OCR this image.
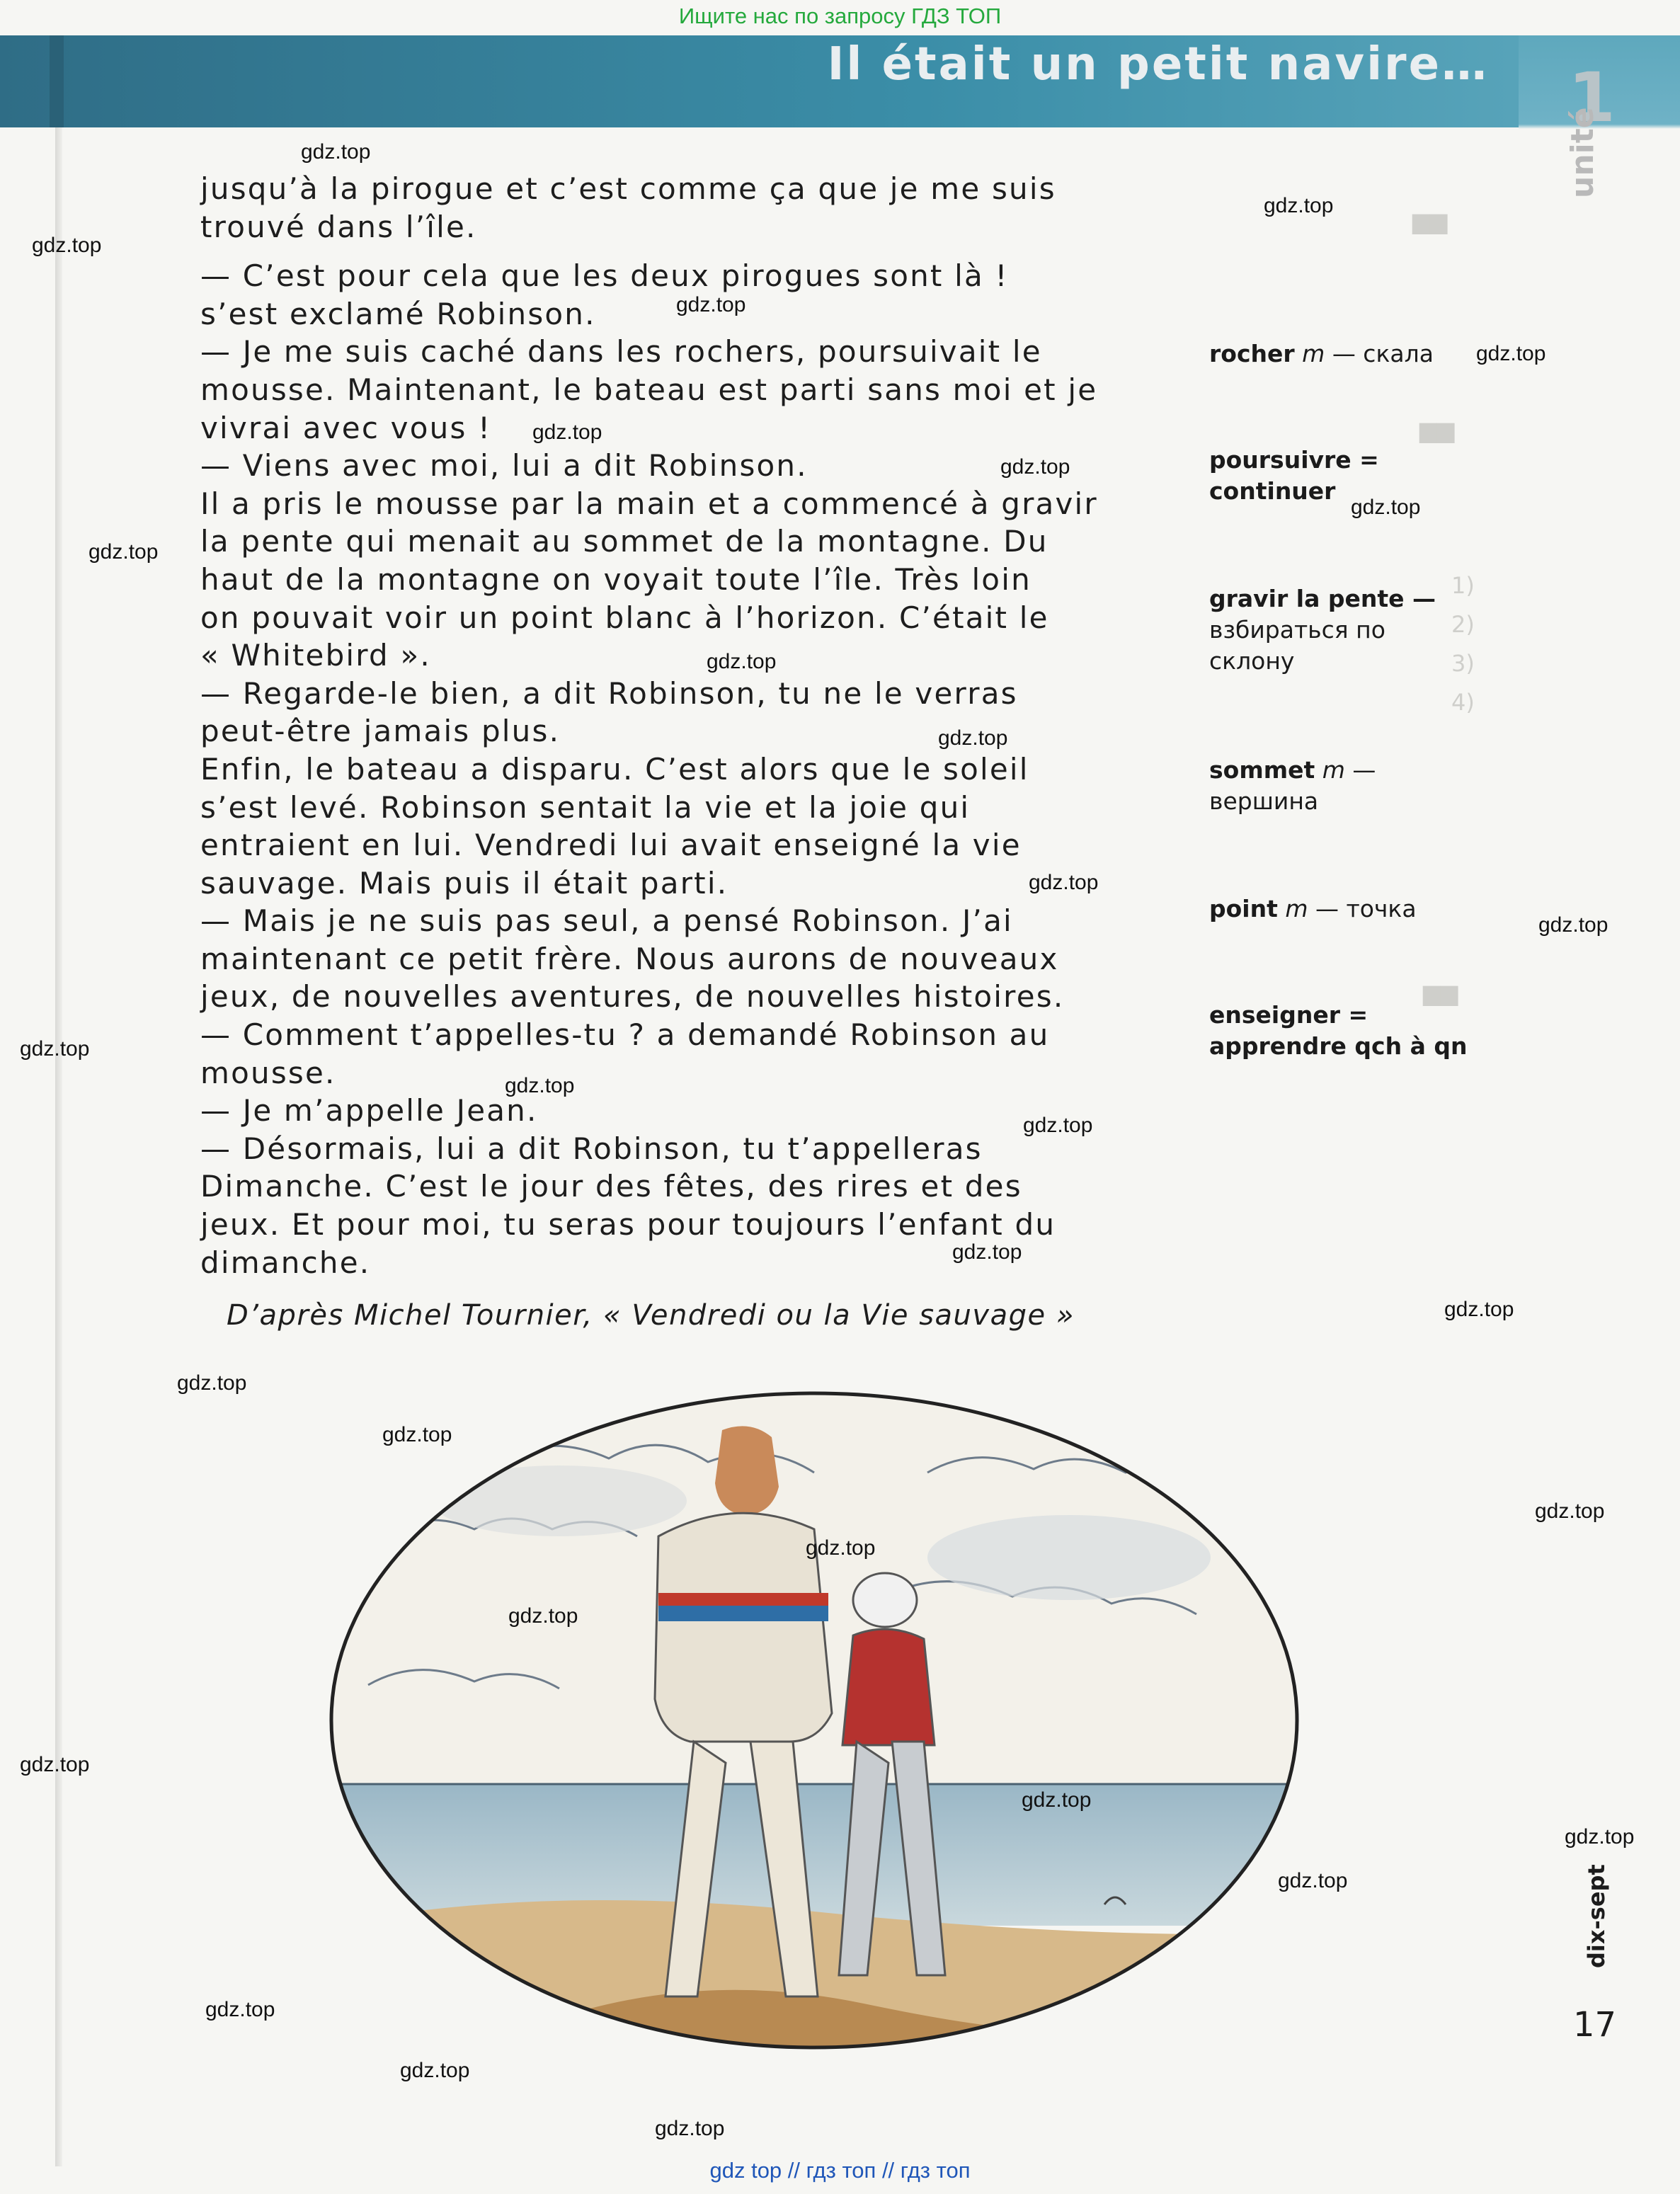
Ищите нас по запросу ГДЗ ТОП
Il était un petit navire… 1
unité
▆▆
▆▆
1)
2)
3)
4)
▆▆

jusqu’à la pirogue et c’est comme ça que je me suis

trouvé dans l’île.

— C’est pour cela que les deux pirogues sont là !

s’est exclamé Robinson.

— Je me suis caché dans les rochers, poursuivait le

mousse. Maintenant, le bateau est parti sans moi et je

vivrai avec vous !

— Viens avec moi, lui a dit Robinson.

Il a pris le mousse par la main et a commencé à gravir

la pente qui menait au sommet de la montagne. Du

haut de la montagne on voyait toute l’île. Très loin

on pouvait voir un point blanc à l’horizon. C’était le

« Whitebird ».

— Regarde-le bien, a dit Robinson, tu ne le verras

peut-être jamais plus.

Enfin, le bateau a disparu. C’est alors que le soleil

s’est levé. Robinson sentait la vie et la joie qui

entraient en lui. Vendredi lui avait enseigné la vie

sauvage. Mais puis il était parti.

— Mais je ne suis pas seul, a pensé Robinson. J’ai

maintenant ce petit frère. Nous aurons de nouveaux

jeux, de nouvelles aventures, de nouvelles histoires.

— Comment t’appelles-tu ? a demandé Robinson au

mousse.

— Je m’appelle Jean.

— Désormais, lui a dit Robinson, tu t’appelleras

Dimanche. C’est le jour des fêtes, des rires et des

jeux. Et pour moi, tu seras pour toujours l’enfant du

dimanche.

D’après Michel Tournier, « Vendredi ou la Vie sauvage »
rocher m — скала
poursuivre =
continuer
gravir la pente — взбираться по склону
sommet m — вершина
point m — точка
enseigner =
apprendre qch à qn
gdz.top
gdz.top
gdz.top
gdz.top
gdz.top
gdz.top
gdz.top
gdz.top
gdz.top
gdz.top
gdz.top
gdz.top
gdz.top
gdz.top
gdz.top
gdz.top
gdz.top
gdz.top
gdz.top
gdz.top
gdz.top
gdz.top
gdz.top
gdz.top
gdz.top
gdz.top
gdz.top
gdz.top
gdz.top
gdz.top
dix-sept
17
gdz top // гдз топ // гдз топ
